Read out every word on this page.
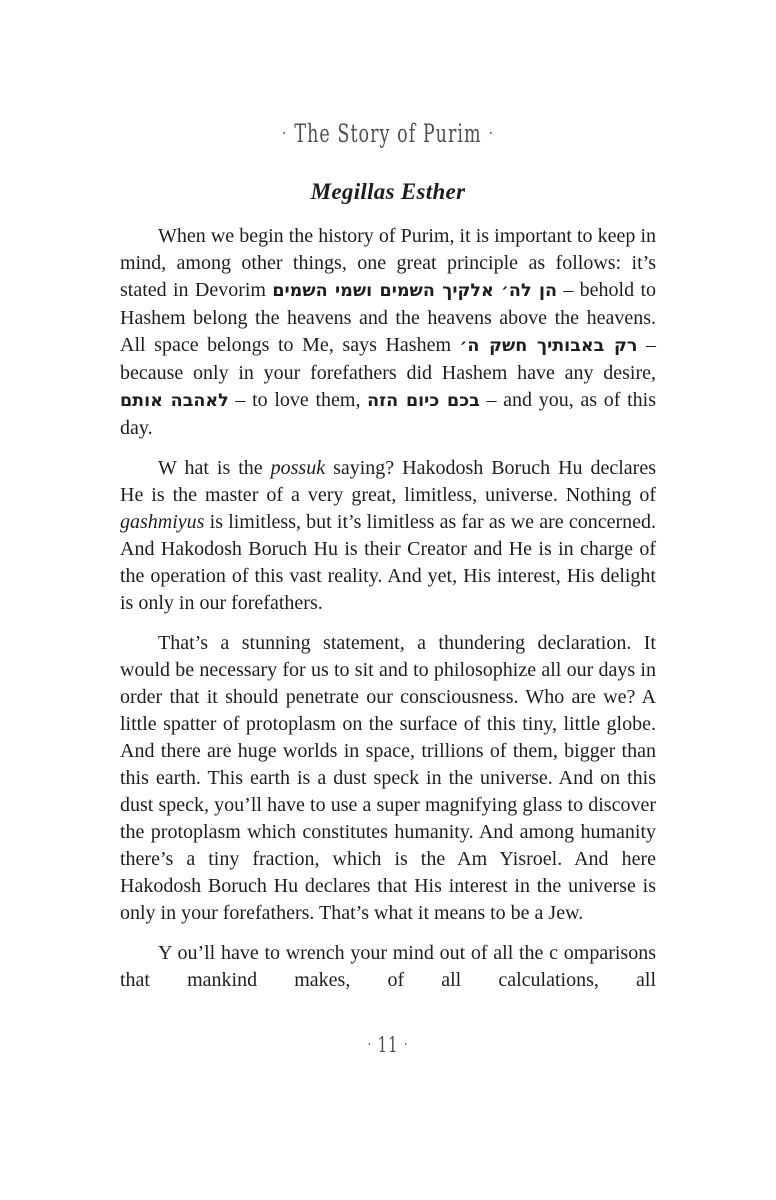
· The Story of Purim ·
Megillas Esther

When we begin the history of Purim, it is important to keep in mind, among other things, one great principle as follows: it’s stated in Devorim הן לה׳ אלקיך השמים ושמי השמים – behold to Hashem belong the heavens and the heavens above the heavens. All space belongs to Me, says Hashem רק באבותיך חשק ה׳ – because only in your forefathers did Hashem have any desire, לאהבה אותם – to love them, בכם כיום הזה – and you, as of this day.

W hat is the possuk saying? Hakodosh Boruch Hu declares He is the master of a very great, limitless, universe. Nothing of gashmiyus is limitless, but it’s limitless as far as we are concerned. And Hakodosh Boruch Hu is their Creator and He is in charge of the operation of this vast reality. And yet, His interest, His delight is only in our forefathers.

That’s a stunning statement, a thundering declaration. It would be necessary for us to sit and to philosophize all our days in order that it should penetrate our consciousness. Who are we? A little spatter of protoplasm on the surface of this tiny, little globe. And there are huge worlds in space, trillions of them, bigger than this earth. This earth is a dust speck in the universe. And on this dust speck, you’ll have to use a super magnifying glass to discover the protoplasm which constitutes humanity. And among humanity there’s a tiny fraction, which is the Am Yisroel. And here Hakodosh Boruch Hu declares that His interest in the universe is only in your forefathers. That’s what it means to be a Jew.

Y ou’ll have to wrench your mind out of all the c omparisons that mankind makes, of all calculations, all

· 11 ·
